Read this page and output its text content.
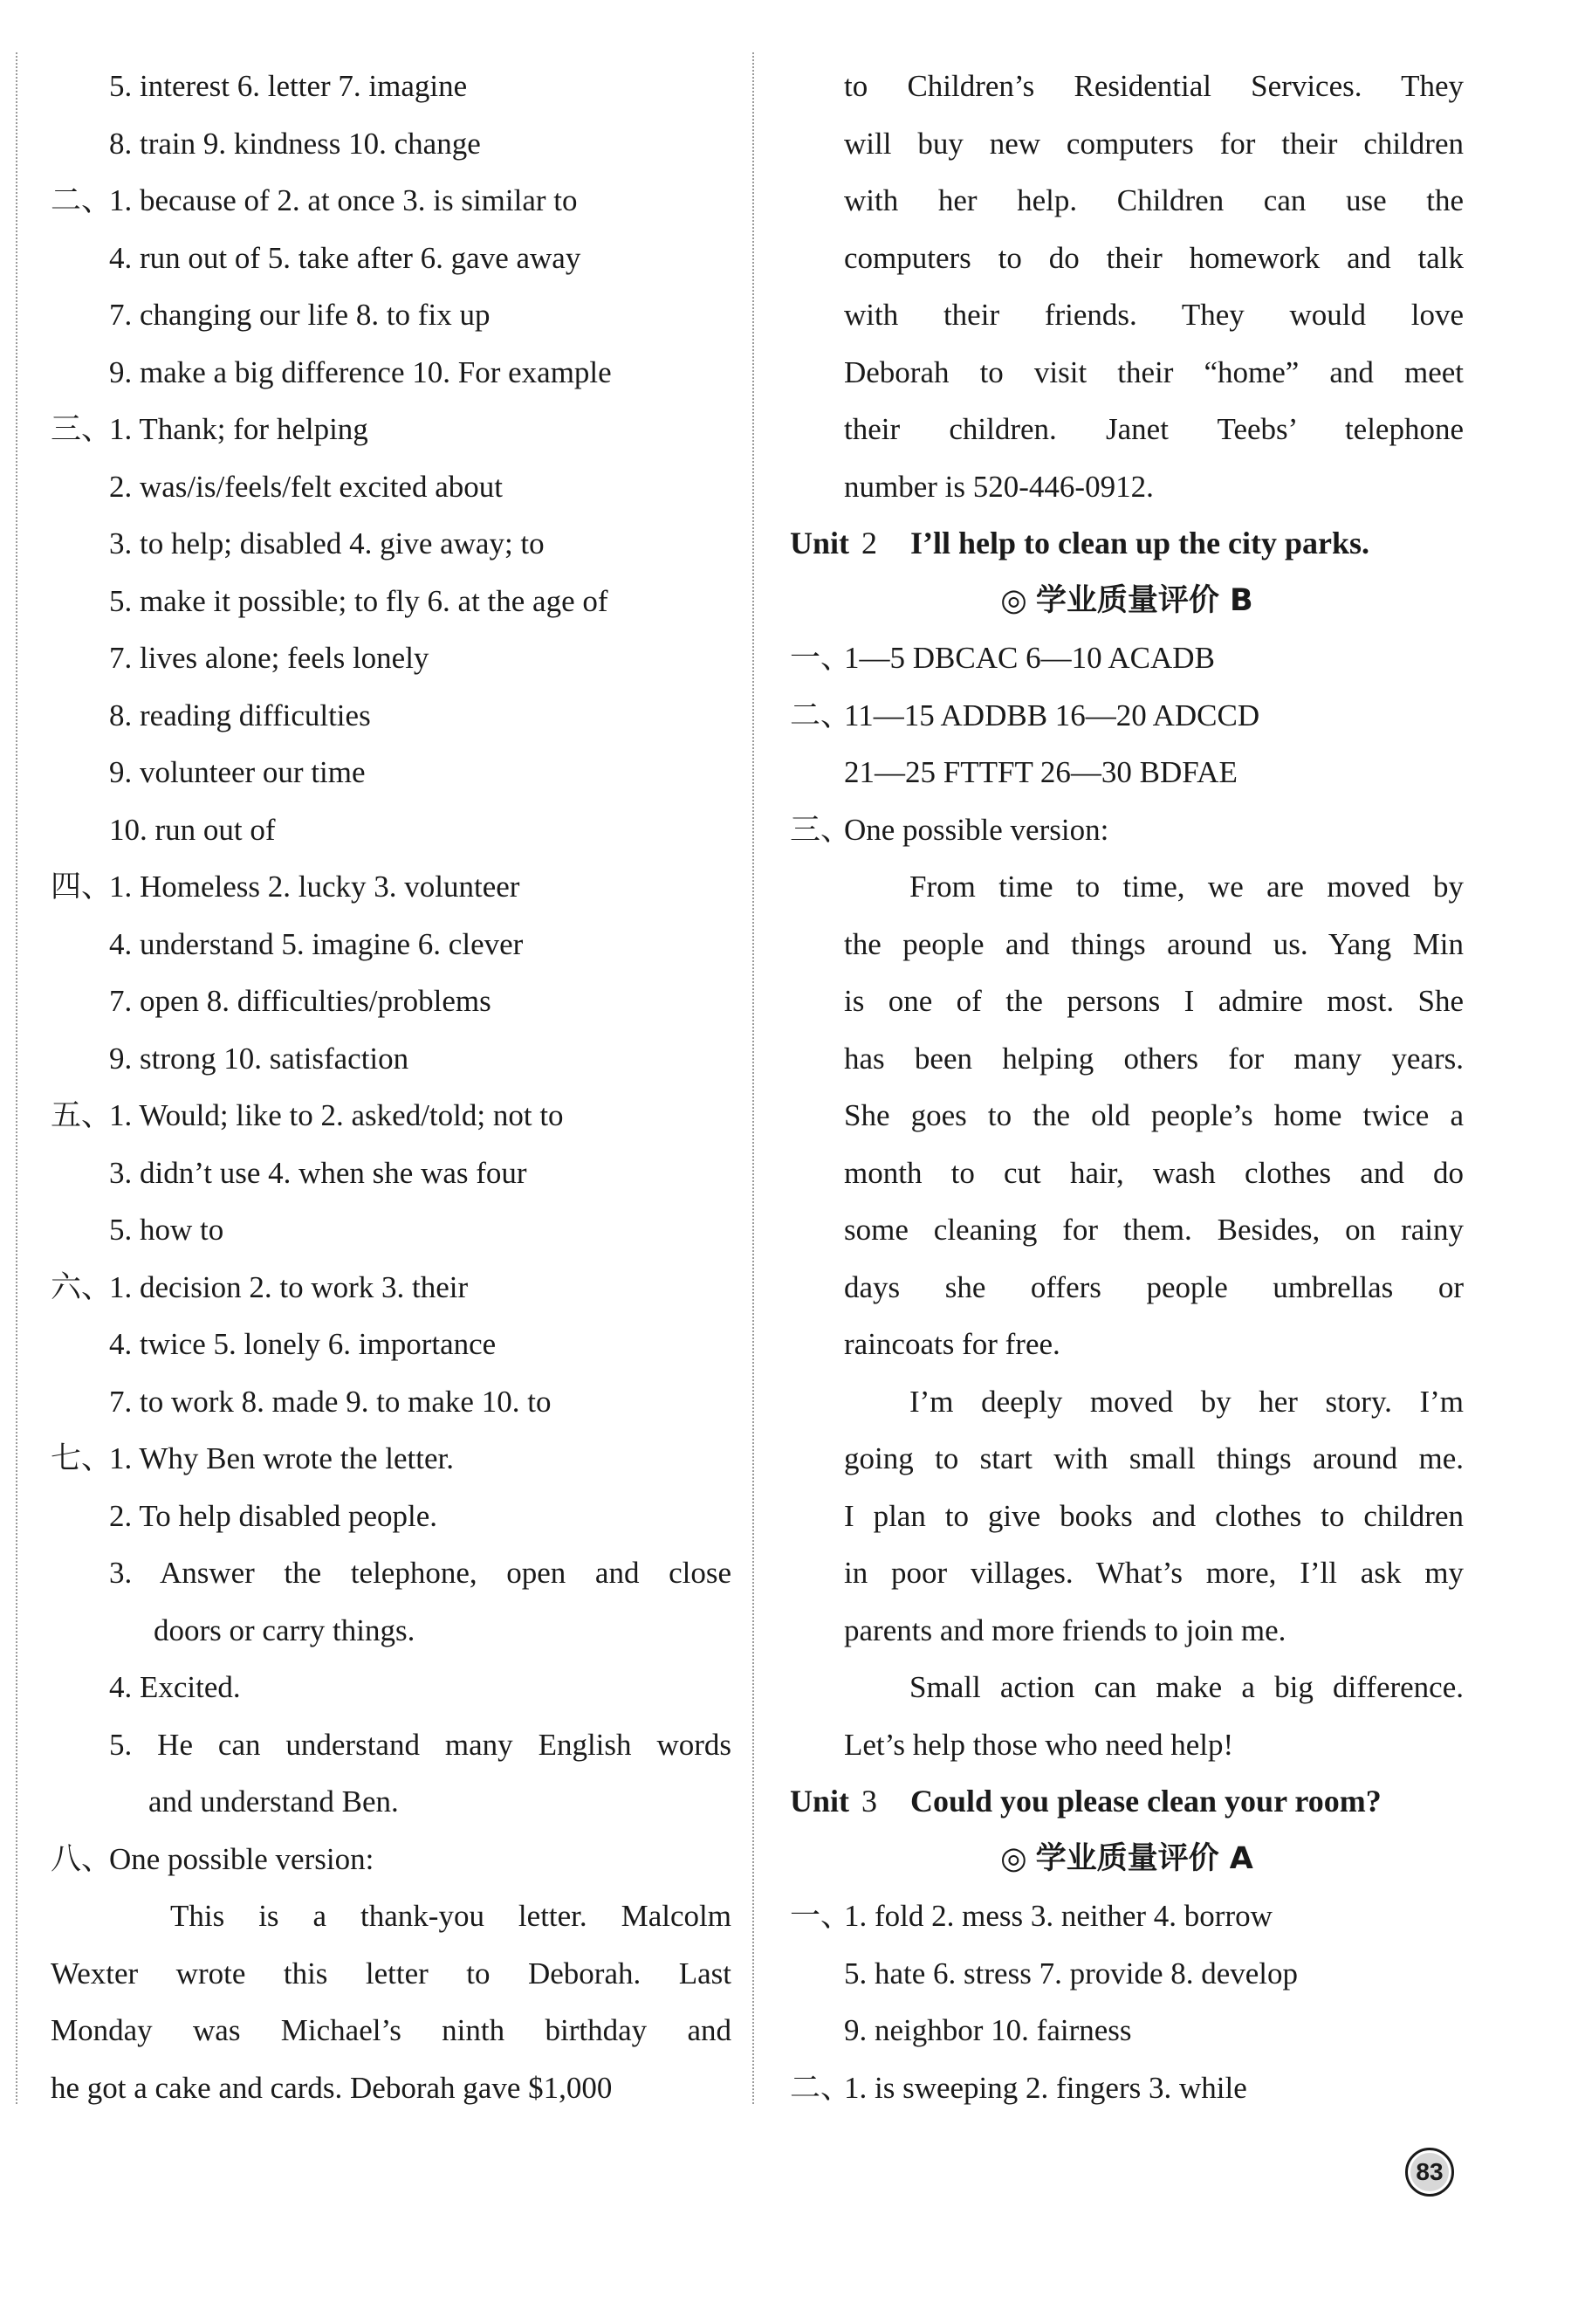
5. interest 6. letter 7. imagine
8. train 9. kindness 10. change
二、
1. because of 2. at once 3. is similar to
4. run out of 5. take after 6. gave away
7. changing our life 8. to fix up
9. make a big difference 10. For example
三、
1. Thank; for helping
2. was/is/feels/felt excited about
3. to help; disabled 4. give away; to
5. make it possible; to fly 6. at the age of
7. lives alone; feels lonely
8. reading difficulties
9. volunteer our time
10. run out of
四、
1. Homeless 2. lucky 3. volunteer
4. understand 5. imagine 6. clever
7. open 8. difficulties/problems
9. strong 10. satisfaction
五、
1. Would; like to 2. asked/told; not to
3. didn’t use 4. when she was four
5. how to
六、
1. decision 2. to work 3. their
4. twice 5. lonely 6. importance
7. to work 8. made 9. to make 10. to
七、
1. Why Ben wrote the letter.
2. To help disabled people.
3. Answer the telephone, open and close
doors or carry things.
4. Excited.
5. He can understand many English words
and understand Ben.
八、
One possible version:
This is a thank-you letter. Malcolm
Wexter wrote this letter to Deborah. Last
Monday was Michael’s ninth birthday and
he got a cake and cards. Deborah gave $1,000
to Children’s Residential Services. They
will buy new computers for their children
with her help. Children can use the
computers to do their homework and talk
with their friends. They would love
Deborah to visit their “home” and meet
their children. Janet Teebs’ telephone
number is 520-446-0912.
Unit 2 I’ll help to clean up the city parks.
◎ 学业质量评价 B
一、
1—5 DBCAC 6—10 ACADB
二、
11—15 ADDBB 16—20 ADCCD
21—25 FTTFT 26—30 BDFAE
三、
One possible version:
From time to time, we are moved by
the people and things around us. Yang Min
is one of the persons I admire most. She
has been helping others for many years.
She goes to the old people’s home twice a
month to cut hair, wash clothes and do
some cleaning for them. Besides, on rainy
days she offers people umbrellas or
raincoats for free.
I’m deeply moved by her story. I’m
going to start with small things around me.
I plan to give books and clothes to children
in poor villages. What’s more, I’ll ask my
parents and more friends to join me.
Small action can make a big difference.
Let’s help those who need help!
Unit 3 Could you please clean your room?
◎ 学业质量评价 A
一、
1. fold 2. mess 3. neither 4. borrow
5. hate 6. stress 7. provide 8. develop
9. neighbor 10. fairness
二、
1. is sweeping 2. fingers 3. while
83
